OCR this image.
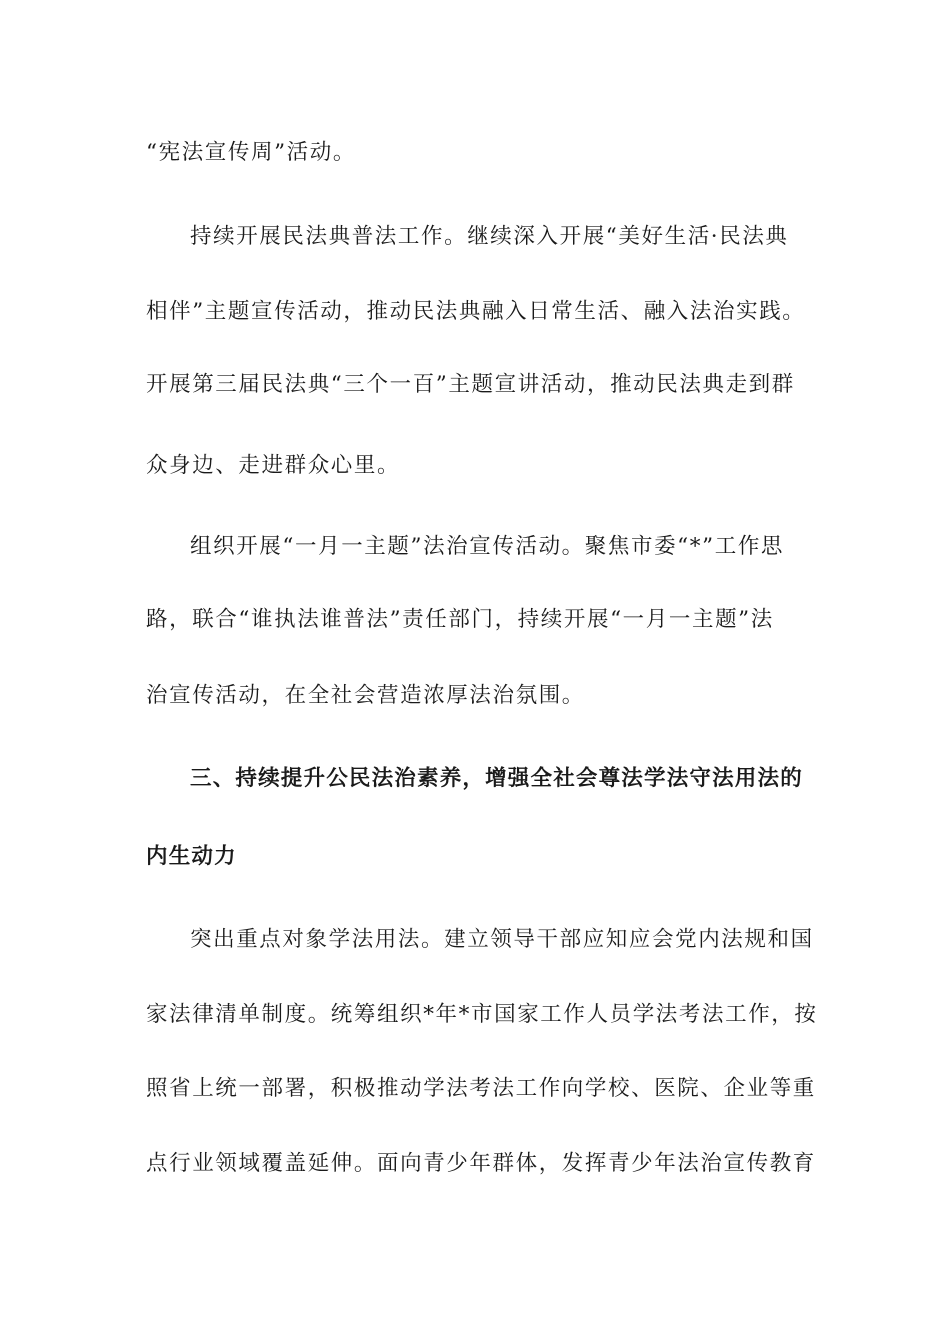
“宪法宣传周”活动。
持续开展民法典普法工作。继续深入开展“美好生活·民法典
相伴”主题宣传活动，推动民法典融入日常生活、融入法治实践。
开展第三届民法典“三个一百”主题宣讲活动，推动民法典走到群
众身边、走进群众心里。
组织开展“一月一主题”法治宣传活动。聚焦市委“*”工作思
路，联合“谁执法谁普法”责任部门，持续开展“一月一主题”法
治宣传活动，在全社会营造浓厚法治氛围。
三、持续提升公民法治素养，增强全社会尊法学法守法用法的
内生动力
突出重点对象学法用法。建立领导干部应知应会党内法规和国
家法律清单制度。统筹组织*年*市国家工作人员学法考法工作，按
照省上统一部署，积极推动学法考法工作向学校、医院、企业等重
点行业领域覆盖延伸。面向青少年群体，发挥青少年法治宣传教育
